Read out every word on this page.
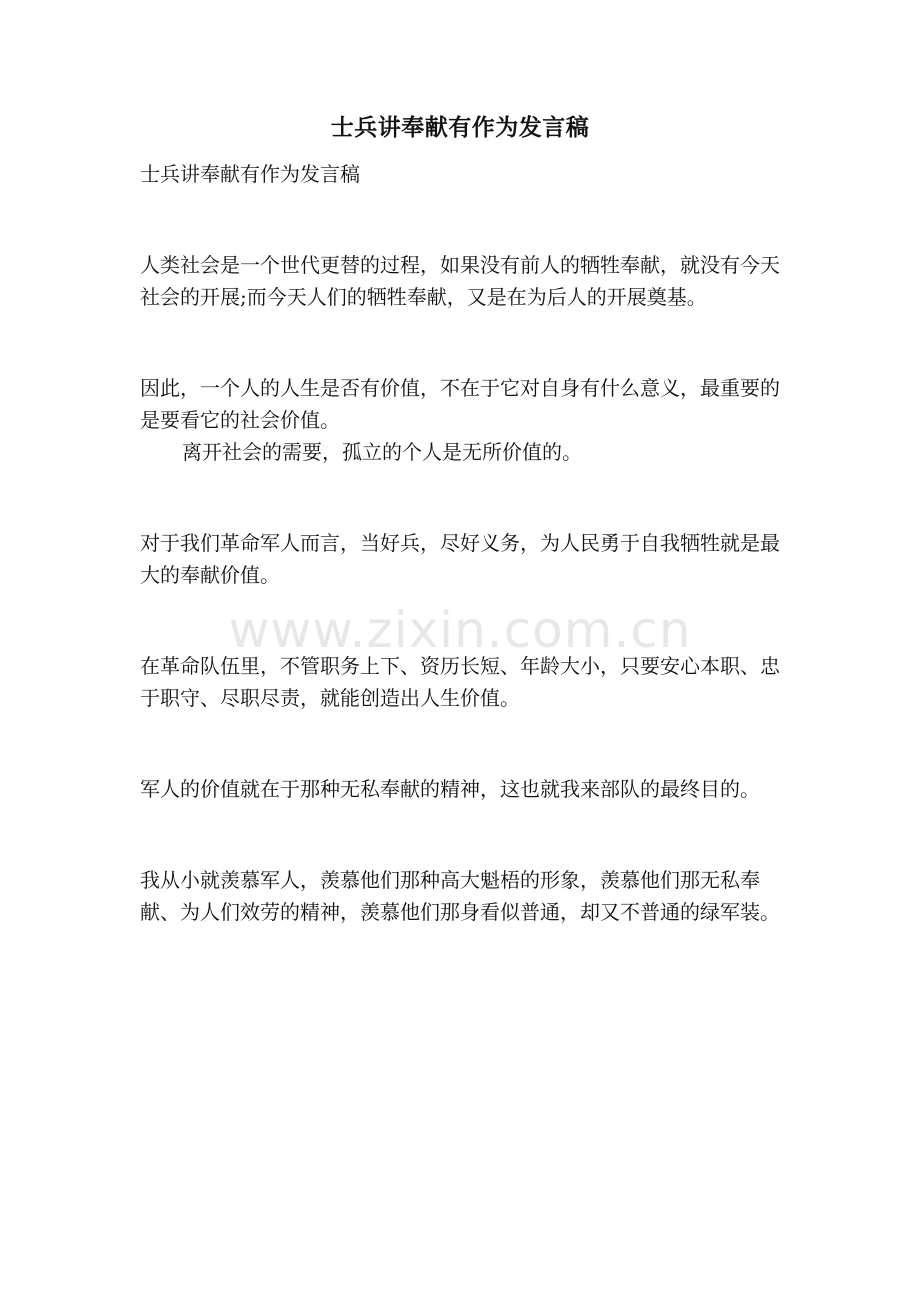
士兵讲奉献有作为发言稿

士兵讲奉献有作为发言稿

人类社会是一个世代更替的过程，如果没有前人的牺牲奉献，就没有今天社会的开展;而今天人们的牺牲奉献，又是在为后人的开展奠基。

因此，一个人的人生是否有价值，不在于它对自身有什么意义，最重要的是要看它的社会价值。

离开社会的需要，孤立的个人是无所价值的。

对于我们革命军人而言，当好兵，尽好义务，为人民勇于自我牺牲就是最大的奉献价值。

在革命队伍里，不管职务上下、资历长短、年龄大小，只要安心本职、忠于职守、尽职尽责，就能创造出人生价值。

军人的价值就在于那种无私奉献的精神，这也就我来部队的最终目的。

我从小就羡慕军人，羡慕他们那种高大魁梧的形象，羡慕他们那无私奉献、为人们效劳的精神，羡慕他们那身看似普通，却又不普通的绿军装。

www.zixin.com.cn
